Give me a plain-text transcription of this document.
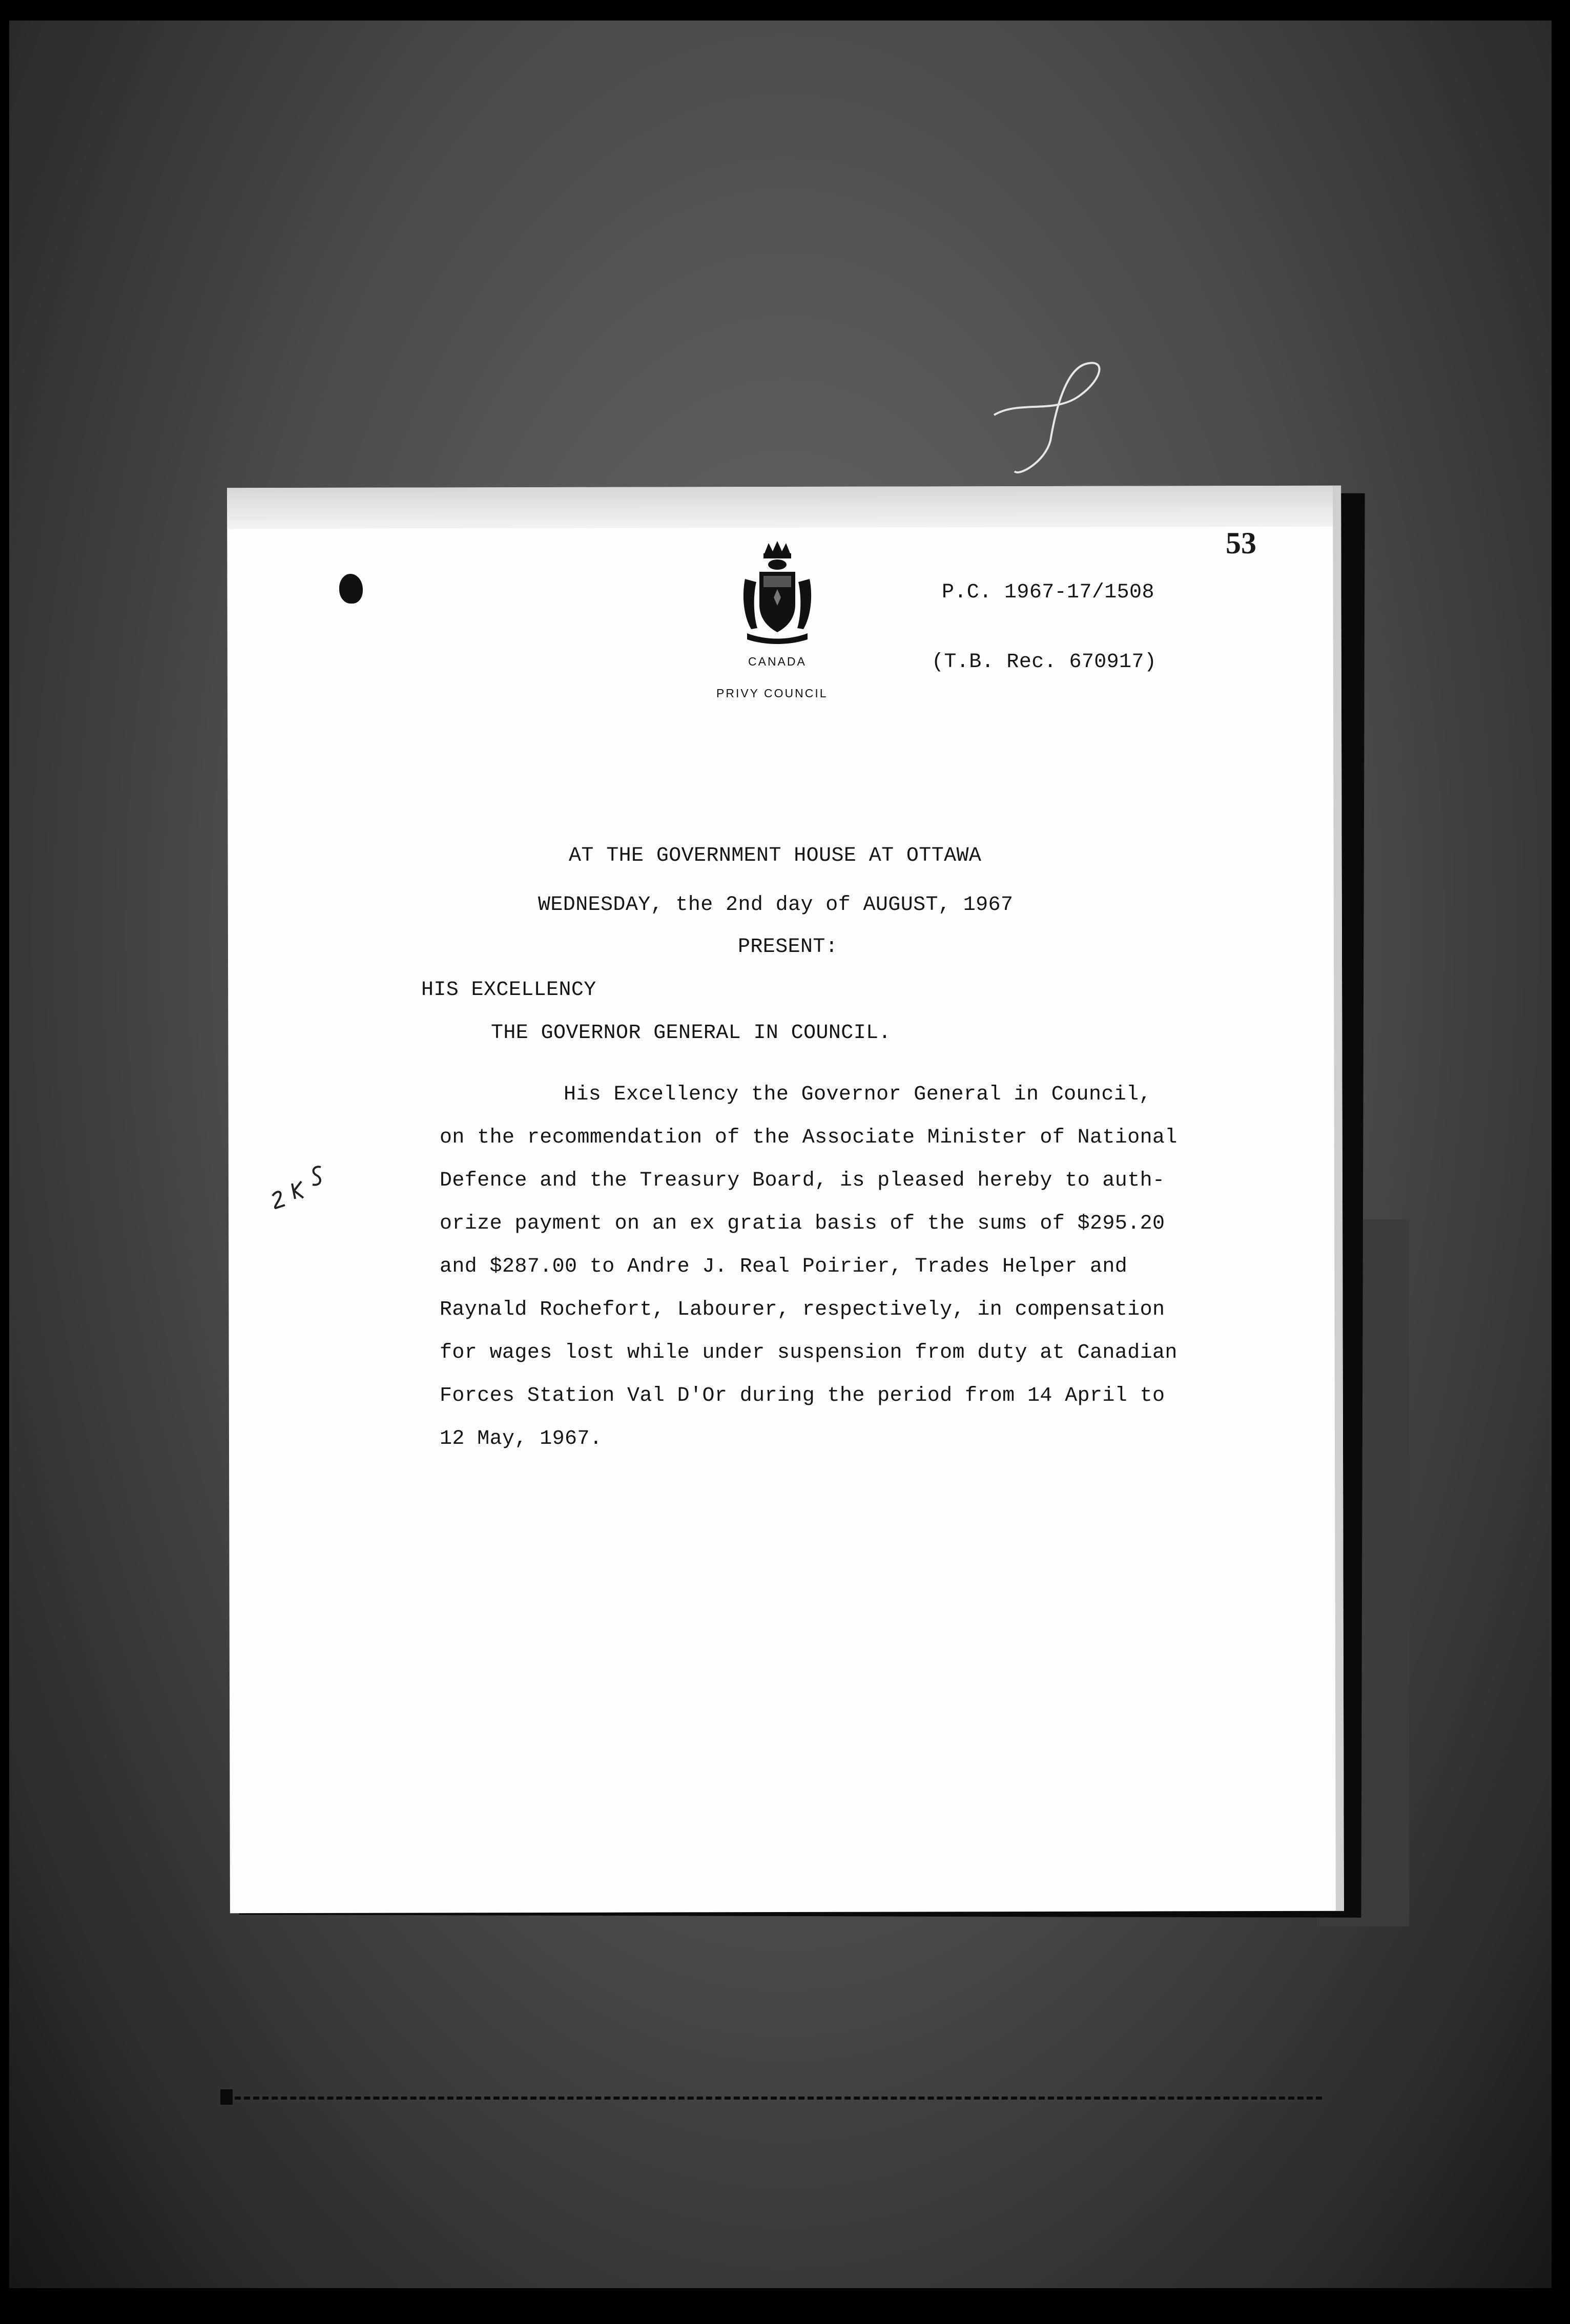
53
CANADA
PRIVY COUNCIL
P.C. 1967-17/1508
(T.B. Rec. 670917)
AT THE GOVERNMENT HOUSE AT OTTAWA
WEDNESDAY, the 2nd day of AUGUST, 1967
PRESENT:
HIS EXCELLENCY
THE GOVERNOR GENERAL IN COUNCIL.
His Excellency the Governor General in Council,
on the recommendation of the Associate Minister of National
Defence and the Treasury Board, is pleased hereby to auth-
orize payment on an ex gratia basis of the sums of $295.20
and $287.00 to Andre J. Real Poirier, Trades Helper and
Raynald Rochefort, Labourer, respectively, in compensation
for wages lost while under suspension from duty at Canadian
Forces Station Val D'Or during the period from 14 April to
12 May, 1967.
